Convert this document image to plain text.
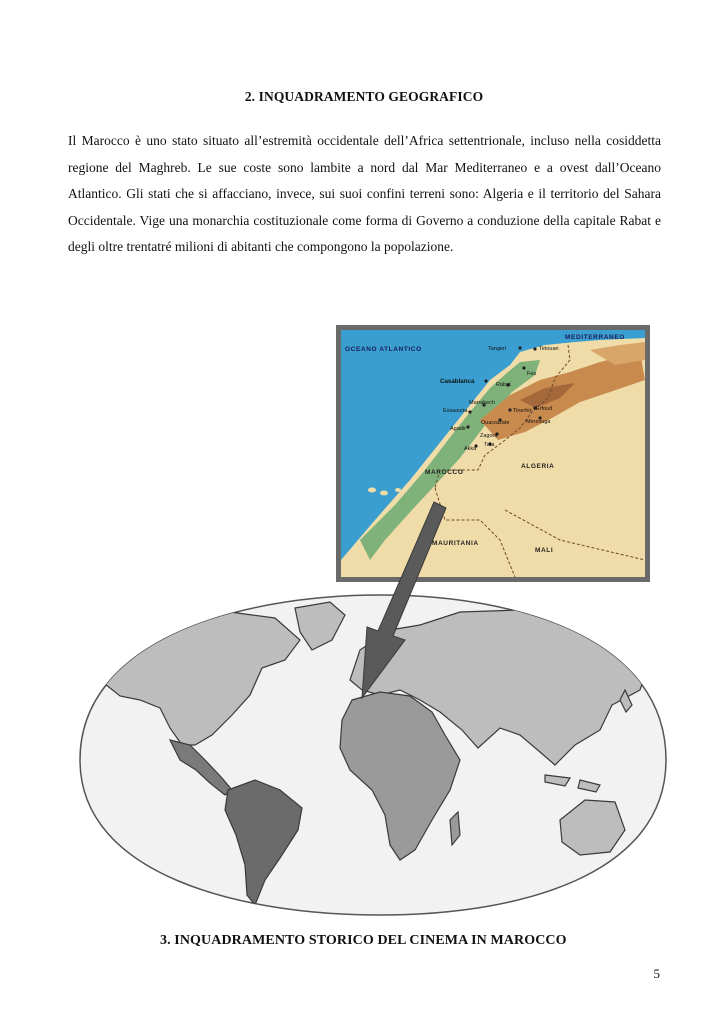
2. INQUADRAMENTO GEOGRAFICO
Il Marocco è uno stato situato all’estremità occidentale dell’Africa settentrionale, incluso nella cosiddetta regione del Maghreb. Le sue coste sono lambite a nord dal Mar Mediterraneo e a ovest dall’Oceano Atlantico. Gli stati che si affacciano, invece, sui suoi confini terreni sono: Algeria e il territorio del Sahara Occidentale. Vige una monarchia costituzionale come forma di Governo a conduzione della capitale Rabat e degli oltre trentatré milioni di abitanti che compongono la popolazione.
OCEANO ATLANTICO
MEDITERRANEO
MAROCCO
ALGERIA
MAURITANIA
MALI
Tangeri	Tetouan
Fes
Casablanca	Rabat
Marrakech
Essaouira	Tinerhir Erfoud
Ouarzazate	Merzouga
Agadir
Zagora
Tata
Akka
3. INQUADRAMENTO STORICO DEL CINEMA IN MAROCCO
5
